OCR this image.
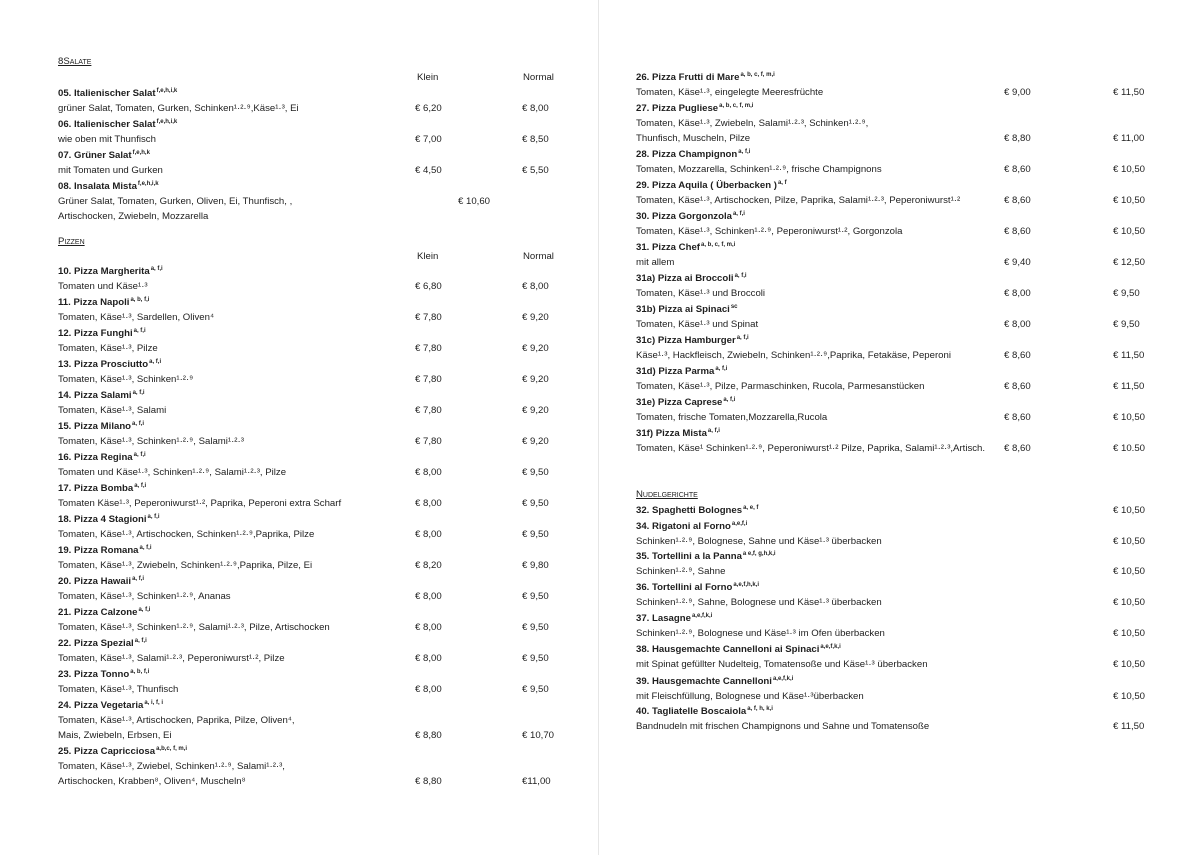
8Salate
Klein	Normal
05. Italienischer Salat$^{f,e,h,i,k}$
grüner Salat, Tomaten, Gurken, Schinken¹·²·⁹,Käse¹·³, Ei	€ 6,20	€ 8,00
06. Italienischer Salat$^{f,e,h,i,k}$
wie oben mit Thunfisch	€ 7,00	€ 8,50
07. Grüner Salat$^{f,e,h,k}$
mit Tomaten und Gurken	€ 4,50	€ 5,50
08. Insalata Mista$^{f,e,h,i,k}$
Grüner Salat, Tomaten, Gurken, Oliven, Ei, Thunfisch, ,
Artischocken, Zwiebeln, Mozzarella
€ 10,60
Pizzen
Klein	Normal
10. Pizza Margherita$^{a, f,i}$
Tomaten und Käse¹·³	€ 6,80	€ 8,00
11. Pizza Napoli$^{a, b, f,i}$
Tomaten, Käse¹·³, Sardellen, Oliven⁴	€ 7,80	€ 9,20
12. Pizza Funghi$^{a, f,i}$
Tomaten, Käse¹·³, Pilze	€ 7,80	€ 9,20
13. Pizza Prosciutto$^{a, f,i}$
Tomaten, Käse¹·³, Schinken¹·²·⁹	€ 7,80	€ 9,20
14. Pizza Salami$^{a, f,i}$
Tomaten, Käse¹·³, Salami	€ 7,80	€ 9,20
15. Pizza Milano$^{a, f,i}$
Tomaten, Käse¹·³, Schinken¹·²·⁹, Salami¹·²·³	€ 7,80	€ 9,20
16. Pizza Regina$^{a, f,i}$
Tomaten und Käse¹·³, Schinken¹·²·⁹, Salami¹·²·³, Pilze	€ 8,00	€ 9,50
17. Pizza Bomba$^{a, f,i}$
Tomaten Käse¹·³, Peperoniwurst¹·², Paprika, Peperoni extra Scharf	€ 8,00	€ 9,50
18. Pizza 4 Stagioni$^{a, f,i}$
Tomaten, Käse¹·³, Artischocken, Schinken¹·²·⁹,Paprika, Pilze	€ 8,00	€ 9,50
19. Pizza Romana$^{a, f,i}$
Tomaten, Käse¹·³, Zwiebeln, Schinken¹·²·⁹,Paprika, Pilze, Ei	€ 8,20	€ 9,80
20. Pizza Hawaii$^{a, f,i}$
Tomaten, Käse¹·³, Schinken¹·²·⁹, Ananas	€ 8,00	€ 9,50
21. Pizza Calzone$^{a, f,i}$
Tomaten, Käse¹·³, Schinken¹·²·⁹, Salami¹·²·³, Pilze, Artischocken	€ 8,00	€ 9,50
22. Pizza Spezial$^{a, f,i}$
Tomaten, Käse¹·³, Salami¹·²·³, Peperoniwurst¹·², Pilze	€ 8,00	€ 9,50
23. Pizza Tonno$^{a, b, f,i}$
Tomaten, Käse¹·³, Thunfisch	€ 8,00	€ 9,50
24. Pizza Vegetaria$^{a, i, f, i}$
Tomaten, Käse¹·³, Artischocken, Paprika, Pilze, Oliven⁴,
Mais, Zwiebeln, Erbsen, Ei	€ 8,80	€ 10,70
25. Pizza Capricciosa$^{a,b,c, f, m,i}$
Tomaten, Käse¹·³, Zwiebel, Schinken¹·²·⁹, Salami¹·²·³,
Artischocken, Krabben⁸, Oliven⁴, Muscheln⁸	€ 8,80	€11,00
26. Pizza Frutti di Mare$^{a, b, c, f, m,i}$
Tomaten, Käse¹·³, eingelegte Meeresfrüchte	€ 9,00	€ 11,50
27. Pizza Pugliese$^{a, b, c, f, m,i}$
Tomaten, Käse¹·³, Zwiebeln, Salami¹·²·³, Schinken¹·²·⁹,
Thunfisch, Muscheln, Pilze	€ 8,80	€ 11,00
28. Pizza Champignon$^{a, f,i}$
Tomaten, Mozzarella, Schinken¹·²·⁹, frische Champignons	€ 8,60	€ 10,50
29. Pizza Aquila ( Überbacken )$^{a, f}$
Tomaten, Käse¹·³, Artischocken, Pilze, Paprika, Salami¹·²·³, Peperoniwurst¹·²	€ 8,60	€ 10,50
30. Pizza Gorgonzola$^{a, f,i}$
Tomaten, Käse¹·³, Schinken¹·²·⁹, Peperoniwurst¹·², Gorgonzola	€ 8,60	€ 10,50
31. Pizza Chef$^{a, b, c, f, m,i}$
mit allem	€ 9,40	€ 12,50
31a) Pizza ai Broccoli$^{a, f,i}$
Tomaten, Käse¹·³ und Broccoli	€ 8,00	€ 9,50
31b) Pizza ai Spinaci$^{sc}$
Tomaten, Käse¹·³ und Spinat	€ 8,00	€ 9,50
31c) Pizza Hamburger$^{a, f,i}$
Käse¹·³, Hackfleisch, Zwiebeln, Schinken¹·²·⁹,Paprika, Fetakäse, Peperoni	€ 8,60	€ 11,50
31d) Pizza Parma$^{a, f,i}$
Tomaten, Käse¹·³, Pilze, Parmaschinken, Rucola, Parmesanstücken	€ 8,60	€ 11,50
31e) Pizza Caprese$^{a, f,i}$
Tomaten, frische Tomaten,Mozzarella,Rucola	€ 8,60	€ 10,50
31f) Pizza Mista$^{a, f,i}$
Tomaten, Käse¹ Schinken¹·²·⁹, Peperoniwurst¹·² Pilze, Paprika, Salami¹·²·³,Artisch. € 8,60	€ 10.50
Nudelgerichte
32. Spaghetti Bolognes$^{a, e, f}$	€ 10,50
34. Rigatoni al Forno$^{a,e,f,i}$
Schinken¹·²·⁹, Bolognese, Sahne und Käse¹·³ überbacken	€ 10,50
35. Tortellini a la Panna$^{a e,f, g,h,k,i}$
Schinken¹·²·⁹, Sahne	€ 10,50
36. Tortellini al Forno$^{a,e,f,h,k,i}$
Schinken¹·²·⁹, Sahne, Bolognese und Käse¹·³ überbacken	€ 10,50
37. Lasagne$^{a,e,f,k,i}$
Schinken¹·²·⁹, Bolognese und Käse¹·³ im Ofen überbacken	€ 10,50
38. Hausgemachte Cannelloni ai Spinaci$^{a,e,f,k,i}$
mit Spinat gefüllter Nudelteig, Tomatensoße und Käse¹·³ überbacken	€ 10,50
39. Hausgemachte Cannelloni$^{a,e,f,k,i}$
mit Fleischfüllung, Bolognese und Käse¹·³überbacken	€ 10,50
40. Tagliatelle Boscaiola$^{a, f, h, k,i}$
Bandnudeln mit frischen Champignons und Sahne und Tomatensoße	€ 11,50
